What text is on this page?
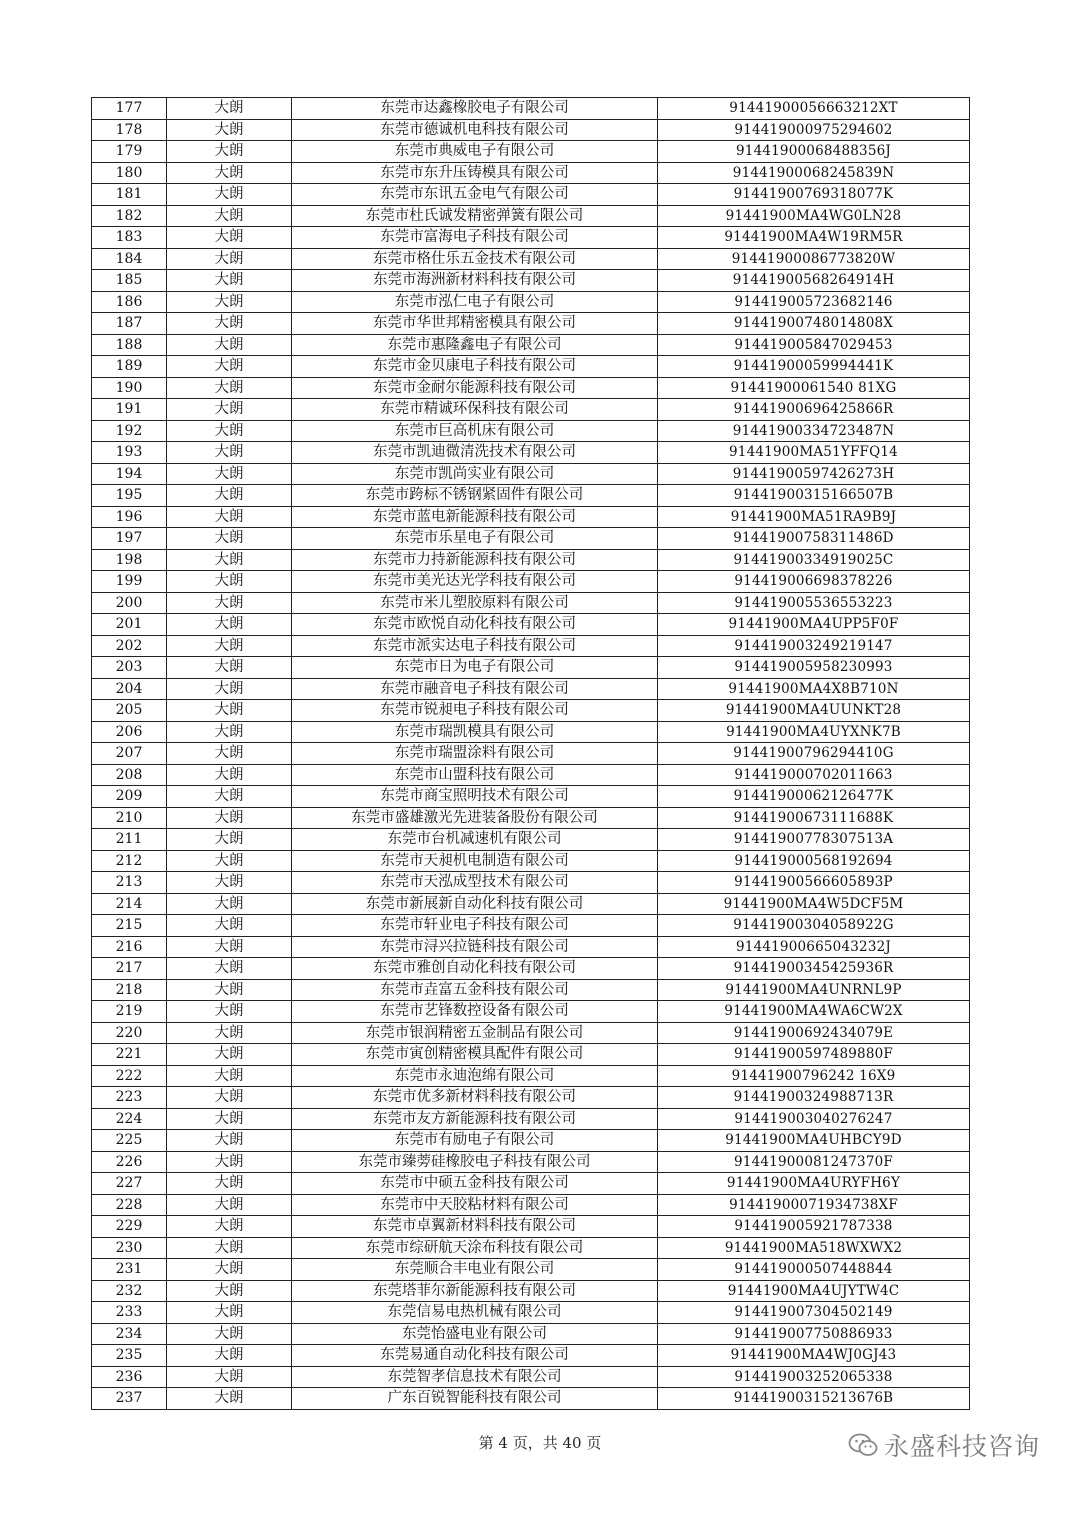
177	大朗	东莞市达鑫橡胶电子有限公司	91441900056663212XT
178	大朗	东莞市德诚机电科技有限公司	914419000975294602
179	大朗	东莞市典威电子有限公司	91441900068488356J
180	大朗	东莞市东升压铸模具有限公司	91441900068245839N
181	大朗	东莞市东讯五金电气有限公司	91441900769318077K
182	大朗	东莞市杜氏诚发精密弹簧有限公司	91441900MA4WG0LN28
183	大朗	东莞市富海电子科技有限公司	91441900MA4W19RM5R
184	大朗	东莞市格仕乐五金技术有限公司	91441900086773820W
185	大朗	东莞市海洲新材料科技有限公司	91441900568264914H
186	大朗	东莞市泓仁电子有限公司	914419005723682146
187	大朗	东莞市华世邦精密模具有限公司	91441900748014808X
188	大朗	东莞市惠隆鑫电子有限公司	914419005847029453
189	大朗	东莞市金贝康电子科技有限公司	91441900059994441K
190	大朗	东莞市金耐尔能源科技有限公司	91441900061540 81XG
191	大朗	东莞市精诚环保科技有限公司	91441900696425866R
192	大朗	东莞市巨高机床有限公司	91441900334723487N
193	大朗	东莞市凯迪微清洗技术有限公司	91441900MA51YFFQ14
194	大朗	东莞市凯尚实业有限公司	91441900597426273H
195	大朗	东莞市跨标不锈钢紧固件有限公司	91441900315166507B
196	大朗	东莞市蓝电新能源科技有限公司	91441900MA51RA9B9J
197	大朗	东莞市乐星电子有限公司	91441900758311486D
198	大朗	东莞市力持新能源科技有限公司	91441900334919025C
199	大朗	东莞市美光达光学科技有限公司	914419006698378226
200	大朗	东莞市米儿塑胶原料有限公司	914419005536553223
201	大朗	东莞市欧悦自动化科技有限公司	91441900MA4UPP5F0F
202	大朗	东莞市派实达电子科技有限公司	914419003249219147
203	大朗	东莞市日为电子有限公司	914419005958230993
204	大朗	东莞市融音电子科技有限公司	91441900MA4X8B710N
205	大朗	东莞市锐昶电子科技有限公司	91441900MA4UUNKT28
206	大朗	东莞市瑞凯模具有限公司	91441900MA4UYXNK7B
207	大朗	东莞市瑞盟涂料有限公司	91441900796294410G
208	大朗	东莞市山盟科技有限公司	914419000702011663
209	大朗	东莞市商宝照明技术有限公司	91441900062126477K
210	大朗	东莞市盛雄激光先进装备股份有限公司	91441900673111688K
211	大朗	东莞市台机减速机有限公司	91441900778307513A
212	大朗	东莞市天昶机电制造有限公司	914419000568192694
213	大朗	东莞市天泓成型技术有限公司	91441900566605893P
214	大朗	东莞市新展新自动化科技有限公司	91441900MA4W5DCF5M
215	大朗	东莞市轩业电子科技有限公司	91441900304058922G
216	大朗	东莞市浔兴拉链科技有限公司	91441900665043232J
217	大朗	东莞市雅创自动化科技有限公司	91441900345425936R
218	大朗	东莞市垚富五金科技有限公司	91441900MA4UNRNL9P
219	大朗	东莞市艺锋数控设备有限公司	91441900MA4WA6CW2X
220	大朗	东莞市银润精密五金制品有限公司	91441900692434079E
221	大朗	东莞市寅创精密模具配件有限公司	91441900597489880F
222	大朗	东莞市永迪泡绵有限公司	91441900796242 16X9
223	大朗	东莞市优多新材料科技有限公司	91441900324988713R
224	大朗	东莞市友方新能源科技有限公司	914419003040276247
225	大朗	东莞市有励电子有限公司	91441900MA4UHBCY9D
226	大朗	东莞市臻蒡硅橡胶电子科技有限公司	91441900081247370F
227	大朗	东莞市中硕五金科技有限公司	91441900MA4URYFH6Y
228	大朗	东莞市中天胶粘材料有限公司	91441900071934738XF
229	大朗	东莞市卓翼新材料科技有限公司	914419005921787338
230	大朗	东莞市综研航天涂布科技有限公司	91441900MA518WXWX2
231	大朗	东莞顺合丰电业有限公司	914419000507448844
232	大朗	东莞塔菲尔新能源科技有限公司	91441900MA4UJYTW4C
233	大朗	东莞信易电热机械有限公司	914419007304502149
234	大朗	东莞怡盛电业有限公司	914419007750886933
235	大朗	东莞易通自动化科技有限公司	91441900MA4WJ0GJ43
236	大朗	东莞智孝信息技术有限公司	914419003252065338
237	大朗	广东百锐智能科技有限公司	91441900315213676B
第 4 页，共 40 页	永盛科技咨询
